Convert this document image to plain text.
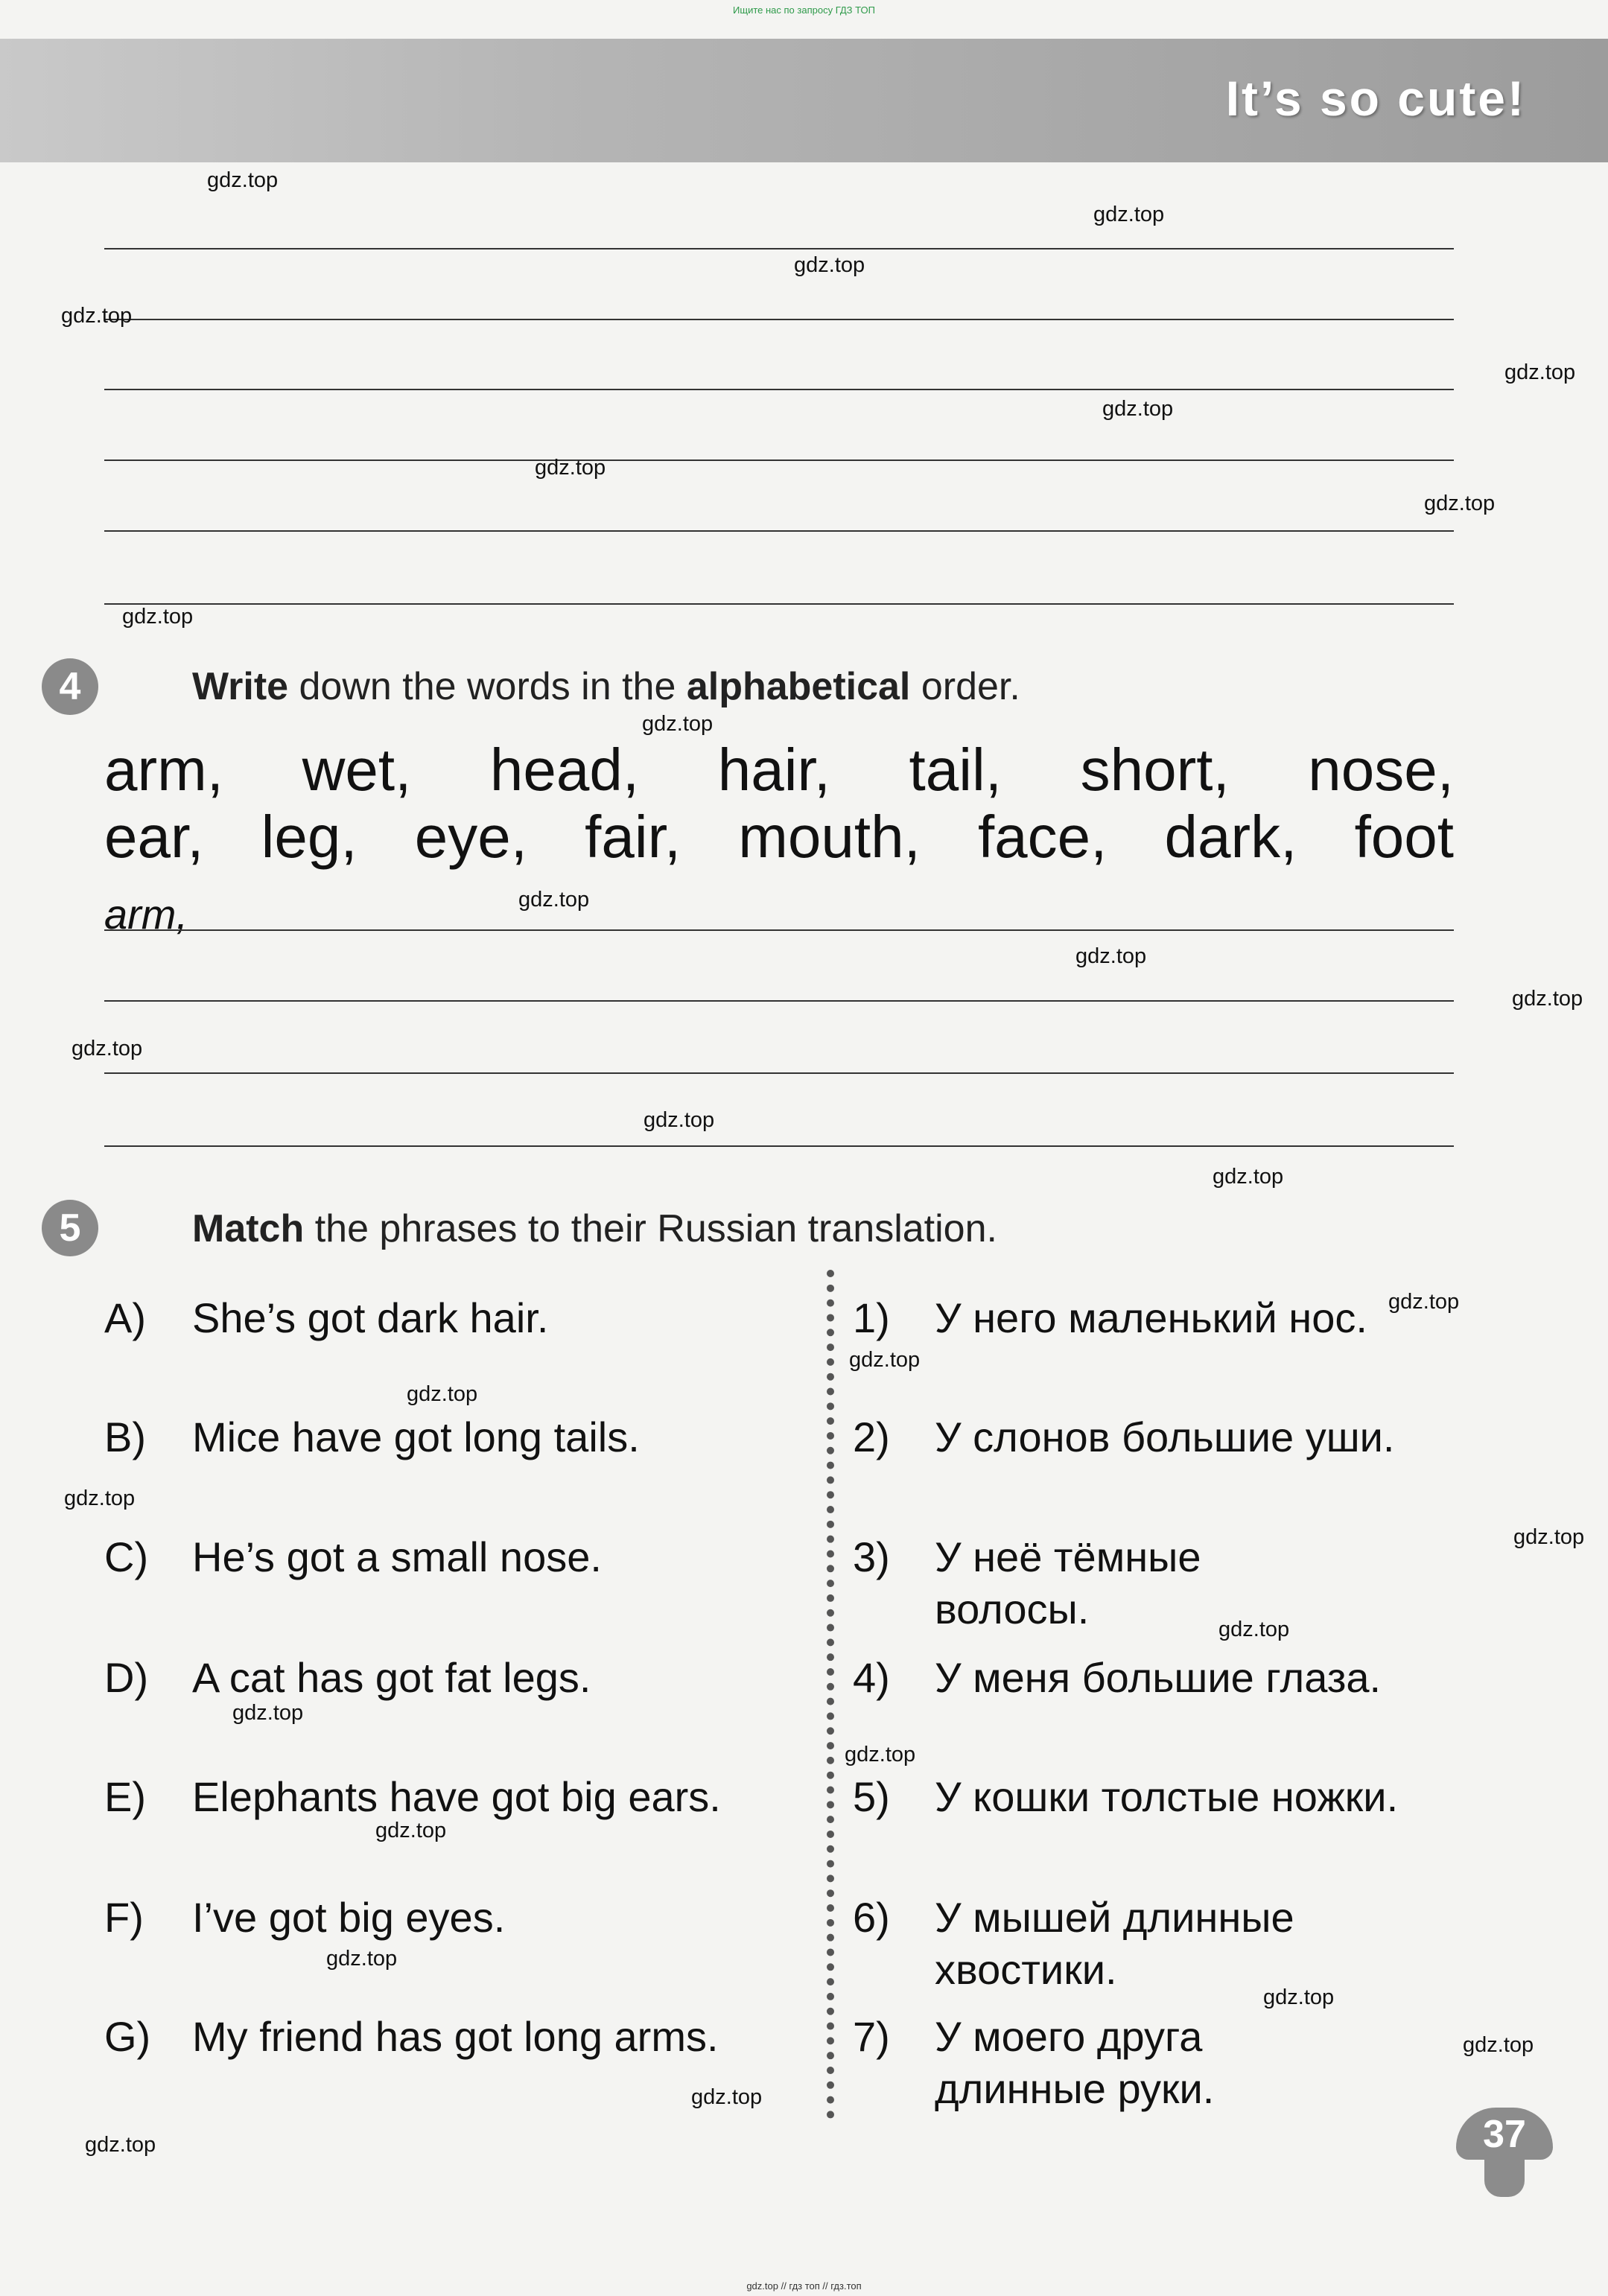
Ищите нас по запросу ГДЗ ТОП
It’s so cute!
4	Write down the words in the alphabetical order.
arm, wet, head, hair, tail, short, nose,
ear, leg, eye, fair, mouth, face, dark, foot
arm,
5	Match the phrases to their Russian translation.
A) She’s got dark hair.
B) Mice have got long tails.
C) He’s got a small nose.
D) A cat has got fat legs.
E) Elephants have got big ears.
F) I’ve got big eyes.
G) My friend has got long arms.
1) У него маленький нос.
2) У слонов большие уши.
3) У неё тёмные волосы.
4) У меня большие глаза.
5) У кошки толстые ножки.
6) У мышей длинные хвостики.
7) У моего друга длинные руки.
gdz.top
gdz.top
gdz.top
gdz.top
gdz.top
gdz.top
gdz.top
gdz.top
gdz.top
gdz.top
gdz.top
gdz.top
gdz.top
gdz.top
gdz.top
gdz.top
gdz.top
gdz.top
gdz.top
gdz.top
gdz.top
gdz.top
gdz.top
gdz.top
gdz.top
gdz.top
gdz.top
gdz.top
gdz.top
gdz.top	37
gdz.top // гдз топ // гдз.топ
